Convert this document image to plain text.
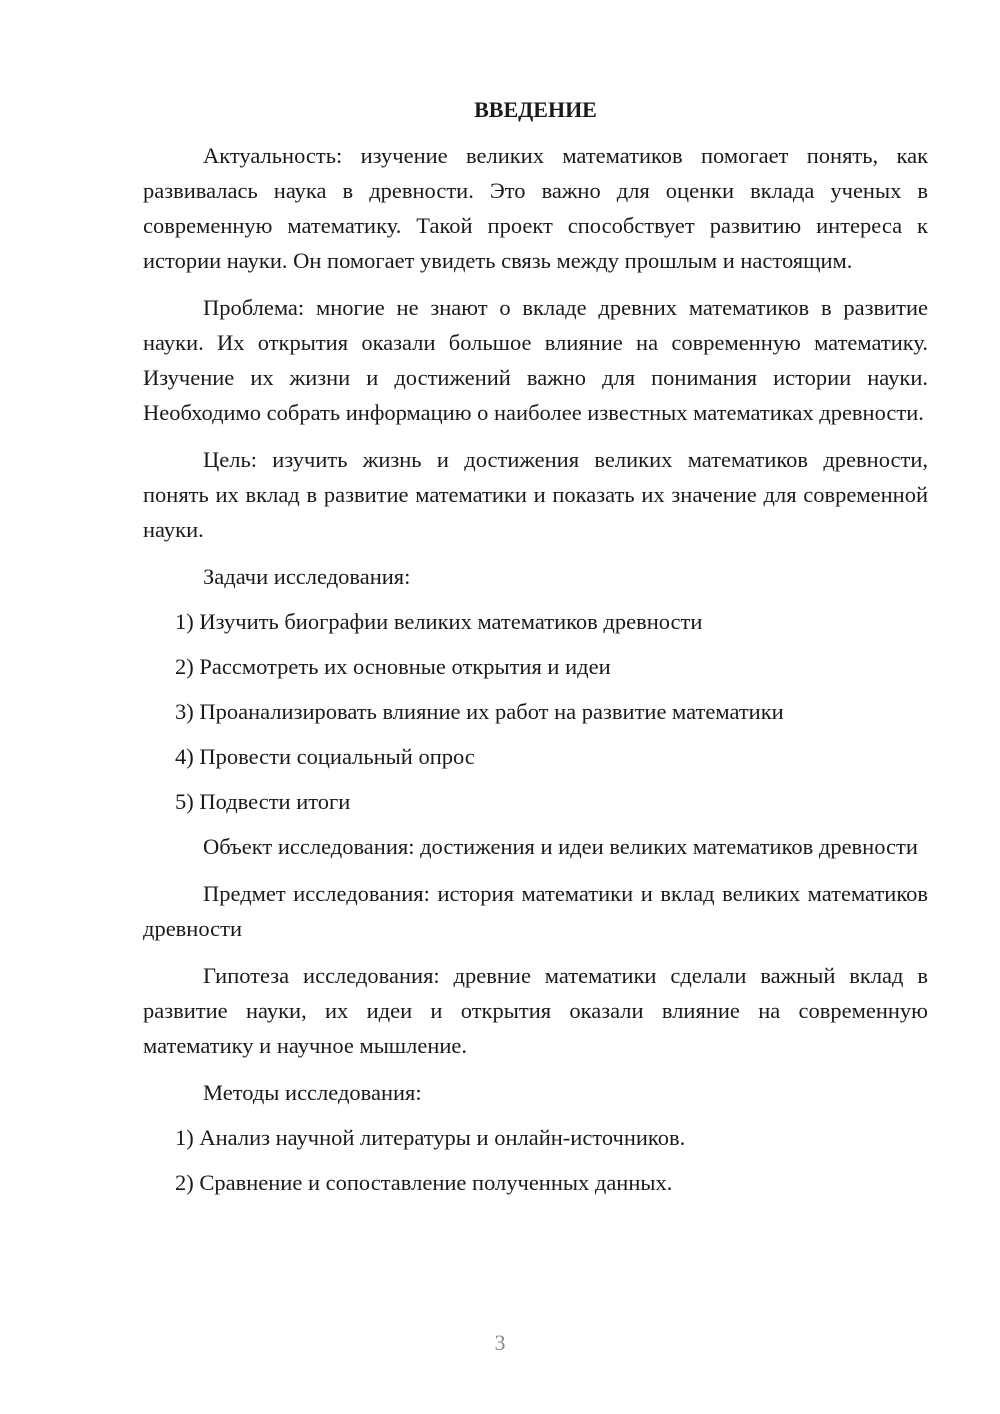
ВВЕДЕНИЕ

Актуальность: изучение великих математиков помогает понять, как развивалась наука в древности. Это важно для оценки вклада ученых в современную математику. Такой проект способствует развитию интереса к истории науки. Он помогает увидеть связь между прошлым и настоящим.

Проблема: многие не знают о вкладе древних математиков в развитие науки. Их открытия оказали большое влияние на современную математику. Изучение их жизни и достижений важно для понимания истории науки. Необходимо собрать информацию о наиболее известных математиках древности.

Цель: изучить жизнь и достижения великих математиков древности, понять их вклад в развитие математики и показать их значение для современной науки.

Задачи исследования:

1) Изучить биографии великих математиков древности
2) Рассмотреть их основные открытия и идеи
3) Проанализировать влияние их работ на развитие математики
4) Провести социальный опрос
5) Подвести итоги

Объект исследования: достижения и идеи великих математиков древности

Предмет исследования: история математики и вклад великих математиков древности

Гипотеза исследования: древние математики сделали важный вклад в развитие науки, их идеи и открытия оказали влияние на современную математику и научное мышление.

Методы исследования:

1) Анализ научной литературы и онлайн-источников.
2) Сравнение и сопоставление полученных данных.
3
